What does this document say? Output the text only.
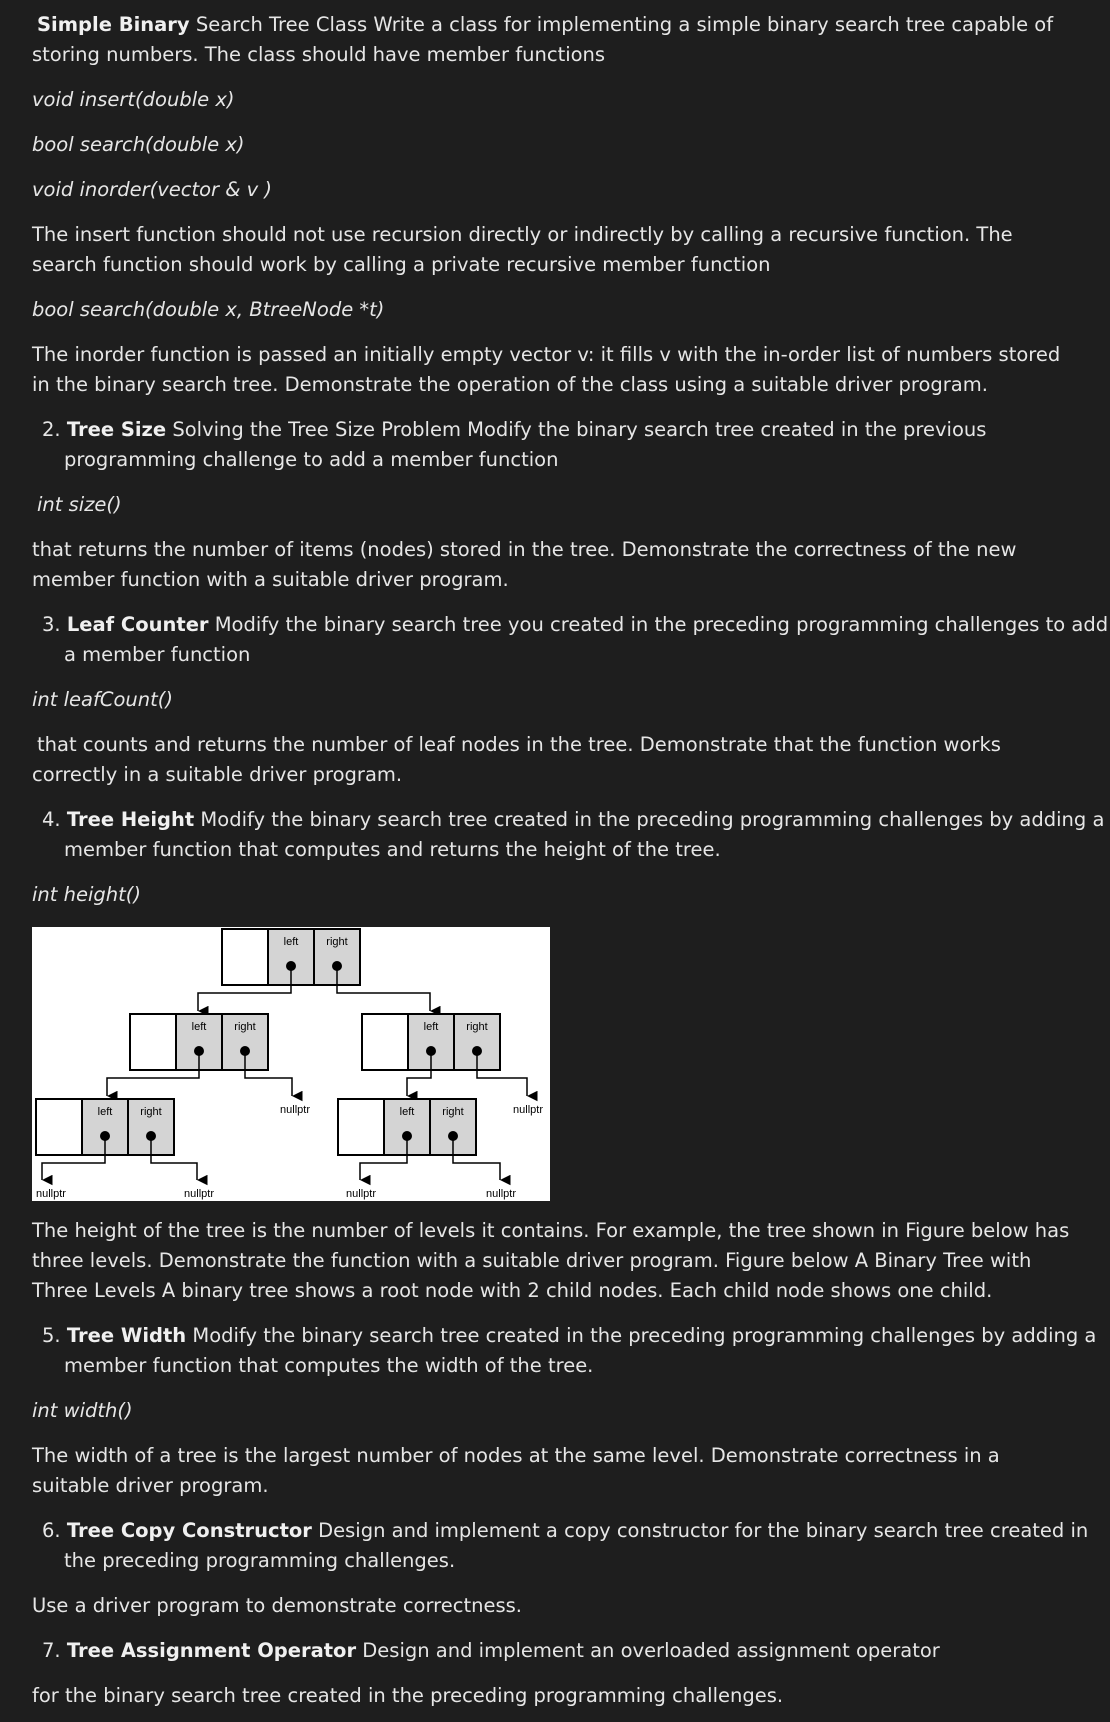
Simple Binary Search Tree Class Write a class for implementing a simple binary search tree capable of storing numbers. The class should have member functions

void insert(double x)

bool search(double x)

void inorder(vector & v )

The insert function should not use recursion directly or indirectly by calling a recursive function. The search function should work by calling a private recursive member function

bool search(double x, BtreeNode *t)

The inorder function is passed an initially empty vector v: it fills v with the in-order list of numbers stored in the binary search tree. Demonstrate the operation of the class using a suitable driver program.

2. Tree Size Solving the Tree Size Problem Modify the binary search tree created in the previous programming challenge to add a member function

int size()

that returns the number of items (nodes) stored in the tree. Demonstrate the correctness of the new member function with a suitable driver program.

3. Leaf Counter Modify the binary search tree you created in the preceding programming challenges to add a member function

int leafCount()

that counts and returns the number of leaf nodes in the tree. Demonstrate that the function works correctly in a suitable driver program.

4. Tree Height Modify the binary search tree created in the preceding programming challenges by adding a member function that computes and returns the height of the tree.

int height()

left	right
left	right
nullptr
left	right
nullptr
left	right
nullptr	nullptr
left	right
nullptr	nullptr

The height of the tree is the number of levels it contains. For example, the tree shown in Figure below has three levels. Demonstrate the function with a suitable driver program. Figure below A Binary Tree with Three Levels A binary tree shows a root node with 2 child nodes. Each child node shows one child.

5. Tree Width Modify the binary search tree created in the preceding programming challenges by adding a member function that computes the width of the tree.

int width()

The width of a tree is the largest number of nodes at the same level. Demonstrate correctness in a suitable driver program.

6. Tree Copy Constructor Design and implement a copy constructor for the binary search tree created in the preceding programming challenges.

Use a driver program to demonstrate correctness.

7. Tree Assignment Operator Design and implement an overloaded assignment operator

for the binary search tree created in the preceding programming challenges.
